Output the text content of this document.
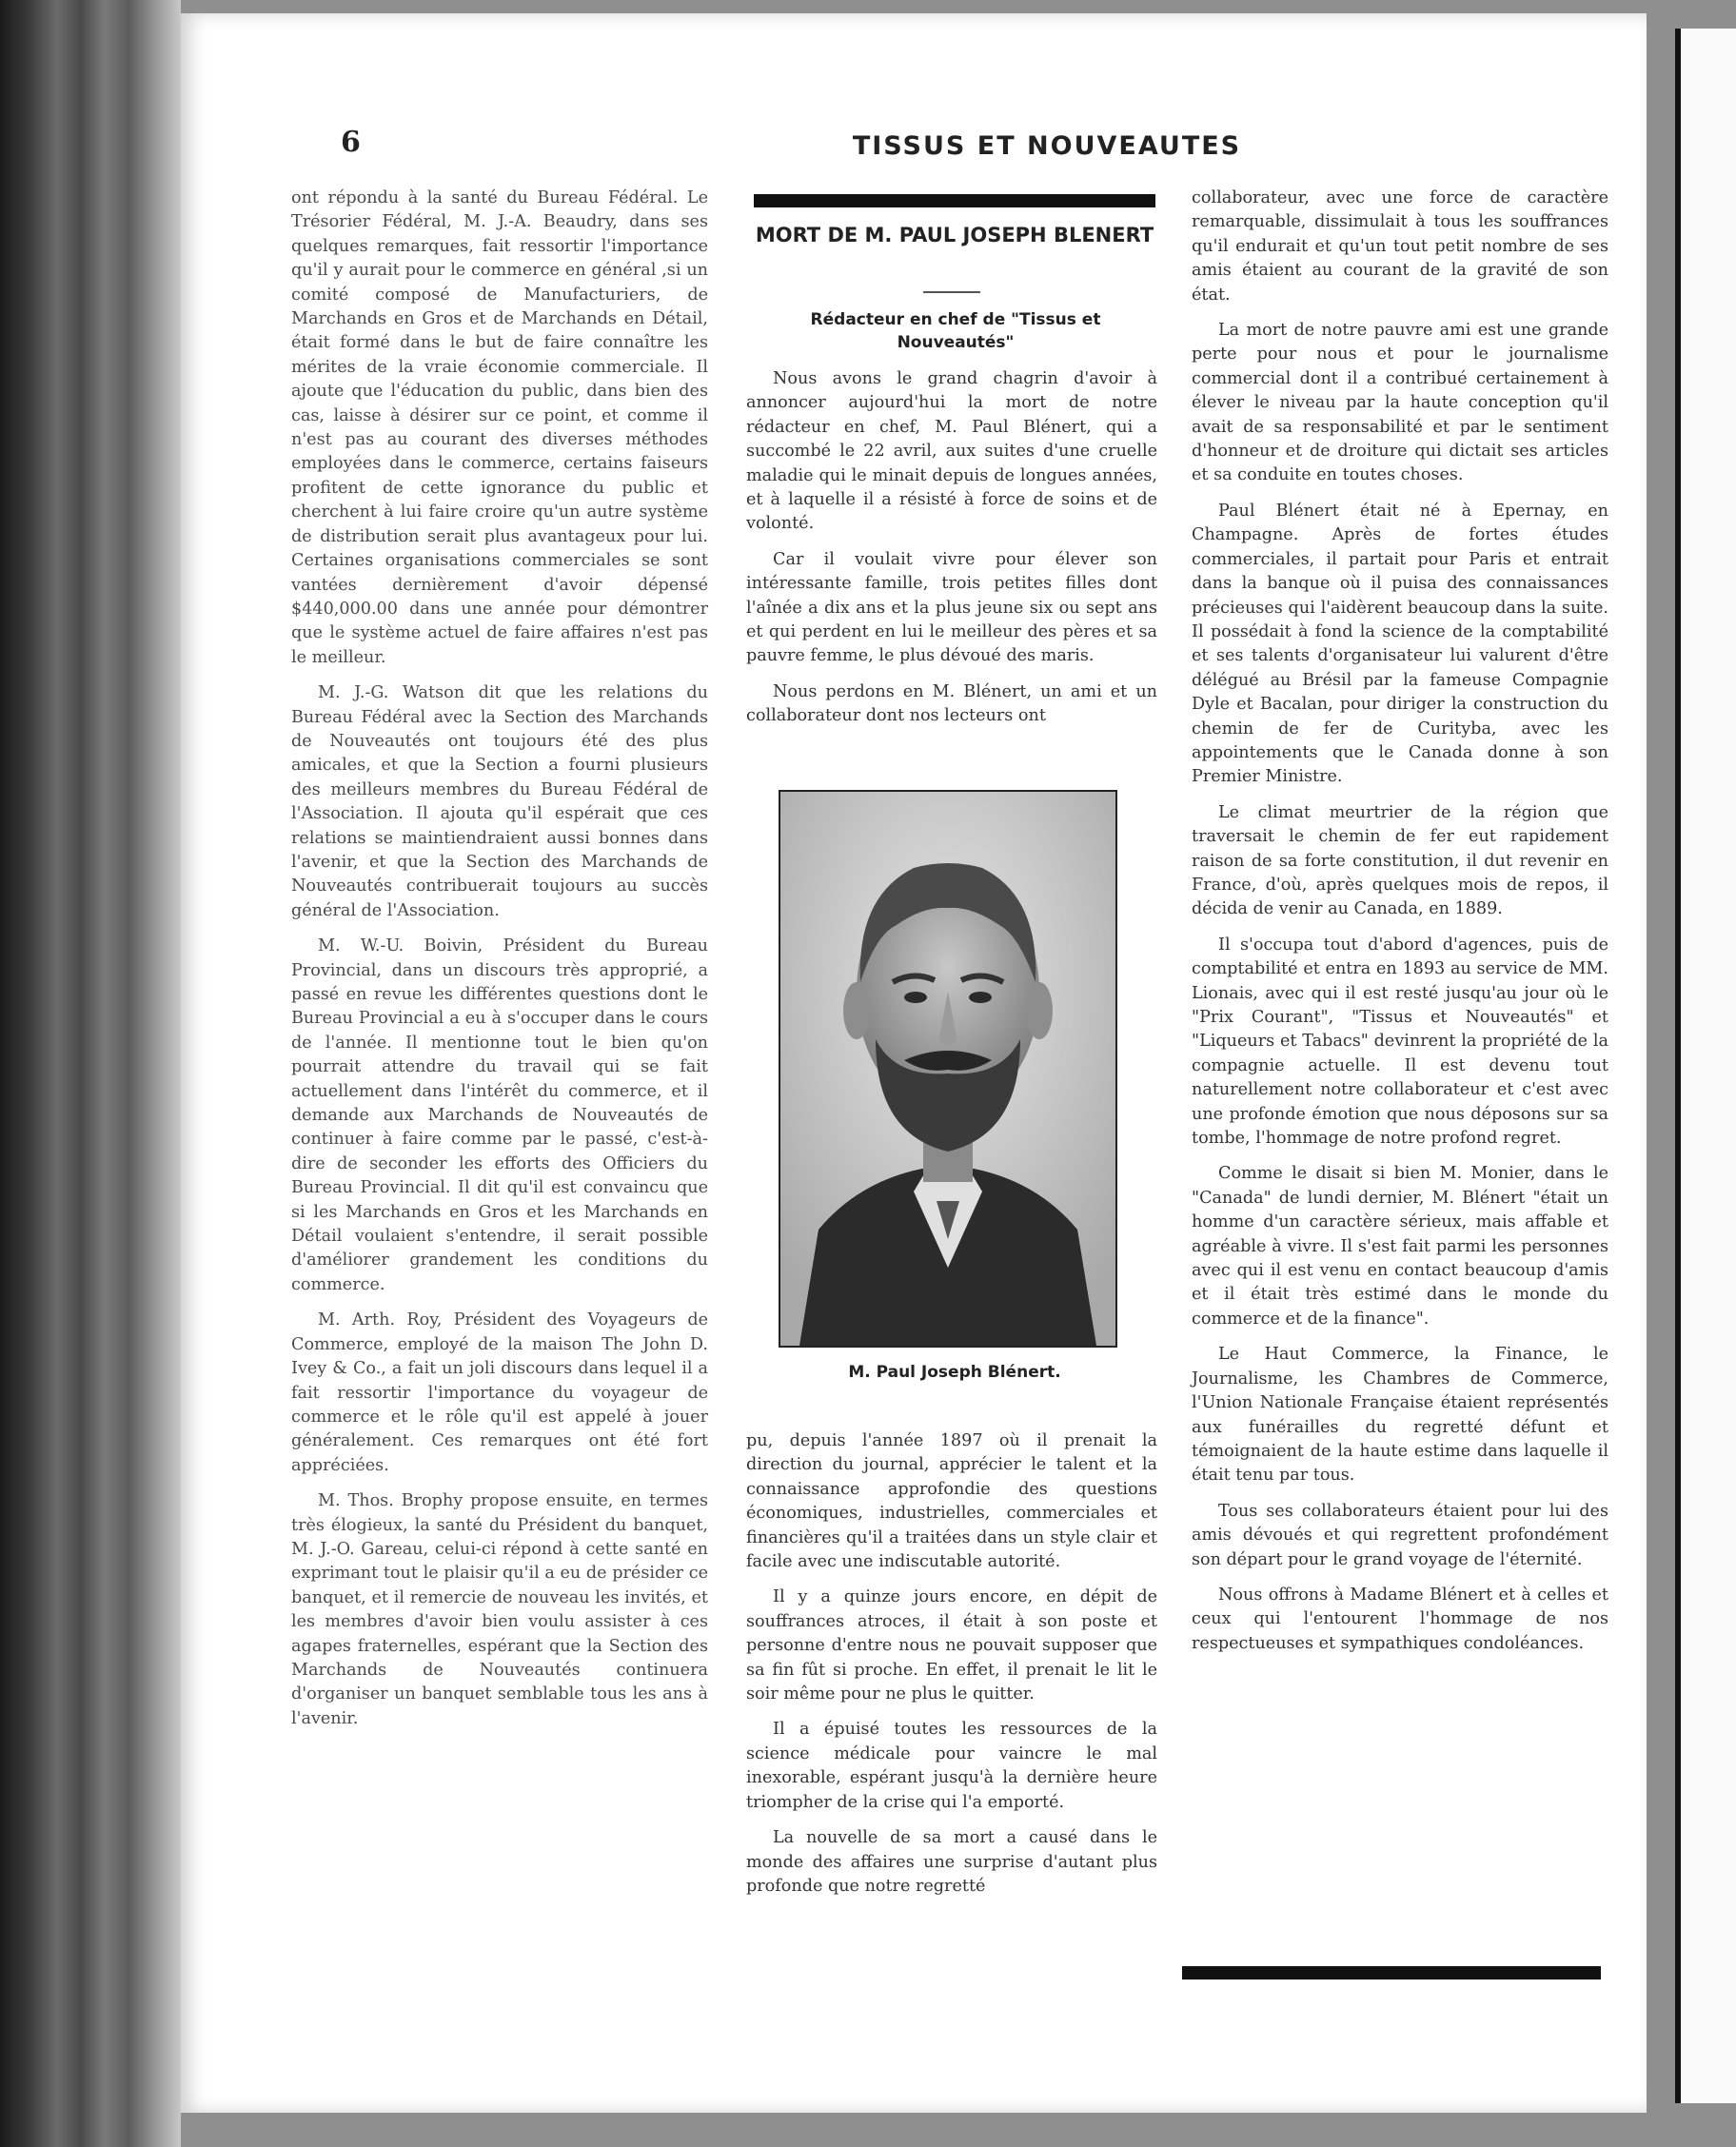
6	TISSUS ET NOUVEAUTES

ont répondu à la santé du Bureau Fédéral. Le Trésorier Fédéral, M. J.-A. Beaudry, dans ses quelques remarques, fait ressortir l'importance qu'il y aurait pour le commerce en général ,si un comité composé de Manufacturiers, de Marchands en Gros et de Marchands en Détail, était formé dans le but de faire connaître les mérites de la vraie économie commerciale. Il ajoute que l'éducation du public, dans bien des cas, laisse à désirer sur ce point, et comme il n'est pas au courant des diverses méthodes employées dans le commerce, certains faiseurs profitent de cette ignorance du public et cherchent à lui faire croire qu'un autre système de distribution serait plus avantageux pour lui. Certaines organisations commerciales se sont vantées dernièrement d'avoir dépensé $440,000.00 dans une année pour démontrer que le système actuel de faire affaires n'est pas le meilleur.

M. J.-G. Watson dit que les relations du Bureau Fédéral avec la Section des Marchands de Nouveautés ont toujours été des plus amicales, et que la Section a fourni plusieurs des meilleurs membres du Bureau Fédéral de l'Association. Il ajouta qu'il espérait que ces relations se maintiendraient aussi bonnes dans l'avenir, et que la Section des Marchands de Nouveautés contribuerait toujours au succès général de l'Association.

M. W.-U. Boivin, Président du Bureau Provincial, dans un discours très approprié, a passé en revue les différentes questions dont le Bureau Provincial a eu à s'occuper dans le cours de l'année. Il mentionne tout le bien qu'on pourrait attendre du travail qui se fait actuellement dans l'intérêt du commerce, et il demande aux Marchands de Nouveautés de continuer à faire comme par le passé, c'est-à-dire de seconder les efforts des Officiers du Bureau Provincial. Il dit qu'il est convaincu que si les Marchands en Gros et les Marchands en Détail voulaient s'entendre, il serait possible d'améliorer grandement les conditions du commerce.

M. Arth. Roy, Président des Voyageurs de Commerce, employé de la maison The John D. Ivey & Co., a fait un joli discours dans lequel il a fait ressortir l'importance du voyageur de commerce et le rôle qu'il est appelé à jouer généralement. Ces remarques ont été fort appréciées.

M. Thos. Brophy propose ensuite, en termes très élogieux, la santé du Président du banquet, M. J.-O. Gareau, celui-ci répond à cette santé en exprimant tout le plaisir qu'il a eu de présider ce banquet, et il remercie de nouveau les invités, et les membres d'avoir bien voulu assister à ces agapes fraternelles, espérant que la Section des Marchands de Nouveautés continuera d'organiser un banquet semblable tous les ans à l'avenir.

MORT DE M. PAUL JOSEPH BLENERT
Rédacteur en chef de "Tissus et Nouveautés"

Nous avons le grand chagrin d'avoir à annoncer aujourd'hui la mort de notre rédacteur en chef, M. Paul Blénert, qui a succombé le 22 avril, aux suites d'une cruelle maladie qui le minait depuis de longues années, et à laquelle il a résisté à force de soins et de volonté.

Car il voulait vivre pour élever son intéressante famille, trois petites filles dont l'aînée a dix ans et la plus jeune six ou sept ans et qui perdent en lui le meilleur des pères et sa pauvre femme, le plus dévoué des maris.

Nous perdons en M. Blénert, un ami et un collaborateur dont nos lecteurs ont

M. Paul Joseph Blénert.

pu, depuis l'année 1897 où il prenait la direction du journal, apprécier le talent et la connaissance approfondie des questions économiques, industrielles, commerciales et financières qu'il a traitées dans un style clair et facile avec une indiscutable autorité.

Il y a quinze jours encore, en dépit de souffrances atroces, il était à son poste et personne d'entre nous ne pouvait supposer que sa fin fût si proche. En effet, il prenait le lit le soir même pour ne plus le quitter.

Il a épuisé toutes les ressources de la science médicale pour vaincre le mal inexorable, espérant jusqu'à la dernière heure triompher de la crise qui l'a emporté.

La nouvelle de sa mort a causé dans le monde des affaires une surprise d'autant plus profonde que notre regretté

collaborateur, avec une force de caractère remarquable, dissimulait à tous les souffrances qu'il endurait et qu'un tout petit nombre de ses amis étaient au courant de la gravité de son état.

La mort de notre pauvre ami est une grande perte pour nous et pour le journalisme commercial dont il a contribué certainement à élever le niveau par la haute conception qu'il avait de sa responsabilité et par le sentiment d'honneur et de droiture qui dictait ses articles et sa conduite en toutes choses.

Paul Blénert était né à Epernay, en Champagne. Après de fortes études commerciales, il partait pour Paris et entrait dans la banque où il puisa des connaissances précieuses qui l'aidèrent beaucoup dans la suite. Il possédait à fond la science de la comptabilité et ses talents d'organisateur lui valurent d'être délégué au Brésil par la fameuse Compagnie Dyle et Bacalan, pour diriger la construction du chemin de fer de Curityba, avec les appointements que le Canada donne à son Premier Ministre.

Le climat meurtrier de la région que traversait le chemin de fer eut rapidement raison de sa forte constitution, il dut revenir en France, d'où, après quelques mois de repos, il décida de venir au Canada, en 1889.

Il s'occupa tout d'abord d'agences, puis de comptabilité et entra en 1893 au service de MM. Lionais, avec qui il est resté jusqu'au jour où le "Prix Courant", "Tissus et Nouveautés" et "Liqueurs et Tabacs" devinrent la propriété de la compagnie actuelle. Il est devenu tout naturellement notre collaborateur et c'est avec une profonde émotion que nous déposons sur sa tombe, l'hommage de notre profond regret.

Comme le disait si bien M. Monier, dans le "Canada" de lundi dernier, M. Blénert "était un homme d'un caractère sérieux, mais affable et agréable à vivre. Il s'est fait parmi les personnes avec qui il est venu en contact beaucoup d'amis et il était très estimé dans le monde du commerce et de la finance".

Le Haut Commerce, la Finance, le Journalisme, les Chambres de Commerce, l'Union Nationale Française étaient représentés aux funérailles du regretté défunt et témoignaient de la haute estime dans laquelle il était tenu par tous.

Tous ses collaborateurs étaient pour lui des amis dévoués et qui regrettent profondément son départ pour le grand voyage de l'éternité.

Nous offrons à Madame Blénert et à celles et ceux qui l'entourent l'hommage de nos respectueuses et sympathiques condoléances.
